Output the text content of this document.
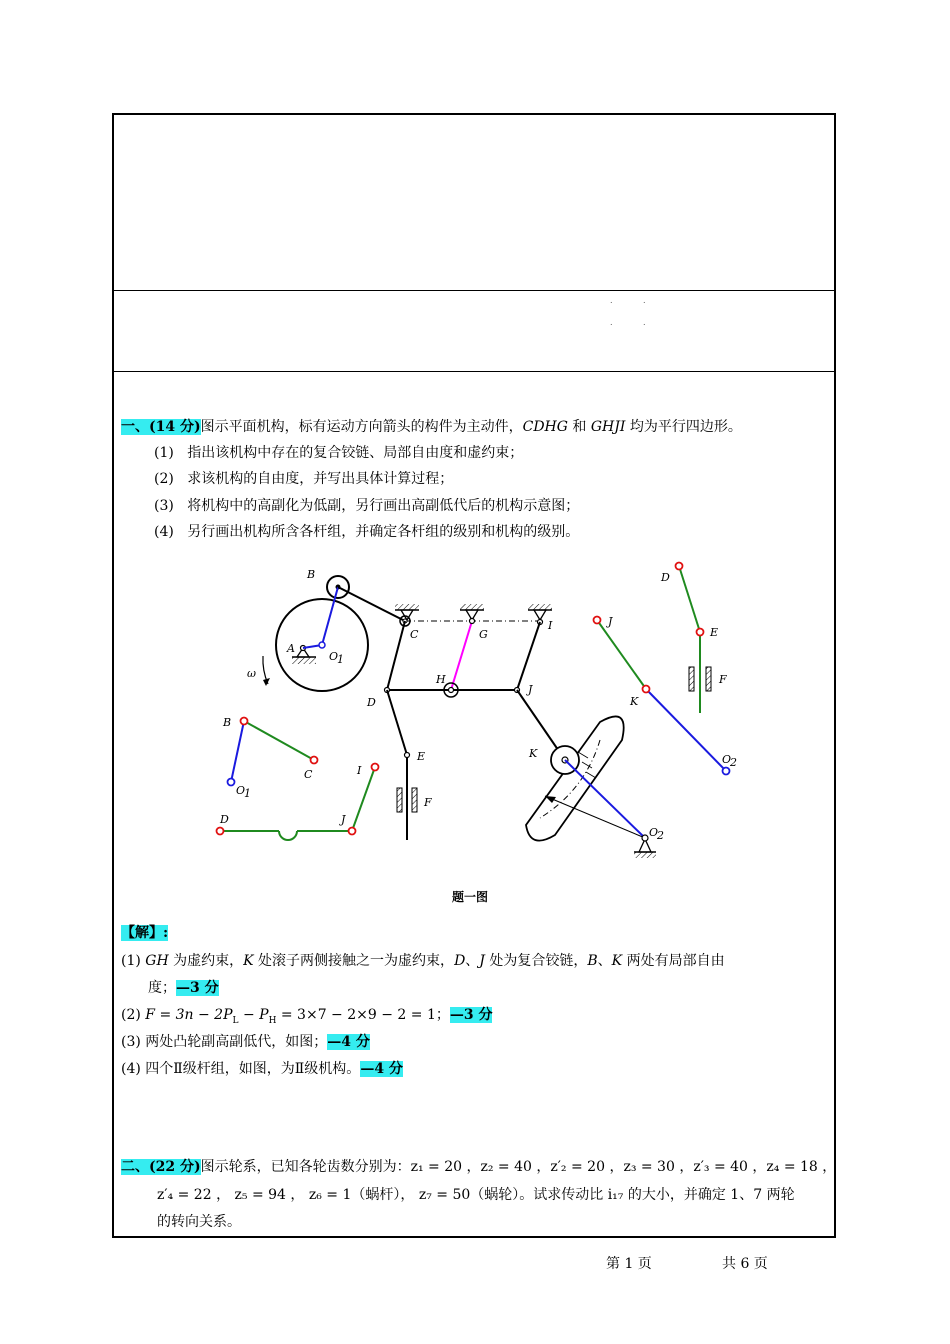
.            .
.            .
一、(14 分)图示平面机构，标有运动方向箭头的构件为主动件，CDHG 和 GHJI 均为平行四边形。
(1) 指出该机构中存在的复合铰链、局部自由度和虚约束；
(2) 求该机构的自由度，并写出具体计算过程；
(3) 将机构中的高副化为低副，另行画出高副低代后的机构示意图；
(4) 另行画出机构所含各杆组，并确定各杆组的级别和机构的级别。
B
A
O
1
ω
C	G
I
H
D
J
E
F
K
O
2
B
O
1
C	I
D	J
D
E
F
J
K
O
2
题一图
【解】:
(1) GH 为虚约束，K 处滚子两侧接触之一为虚约束，D、J 处为复合铰链，B、K 两处有局部自由
度；—3 分
(2) $F = 3n - 2P_L - P_H = 3\times 7 - 2\times 9 - 2 = 1$；—3 分
(3) 两处凸轮副高副低代，如图；—4 分
(4) 四个Ⅱ级杆组，如图，为Ⅱ级机构。—4 分
二、(22 分)图示轮系，已知各轮齿数分别为：z₁ = 20 ，z₂ = 40 ，z′₂ = 20 ，z₃ = 30 ，z′₃ = 40 ，z₄ = 18 ，
z′₄ = 22 ， z₅ = 94 ， z₆ = 1（蜗杆）， z₇ = 50（蜗轮）。试求传动比 i₁₇ 的大小，并确定 1、7 两轮
的转向关系。
第 1 页	共 6 页
